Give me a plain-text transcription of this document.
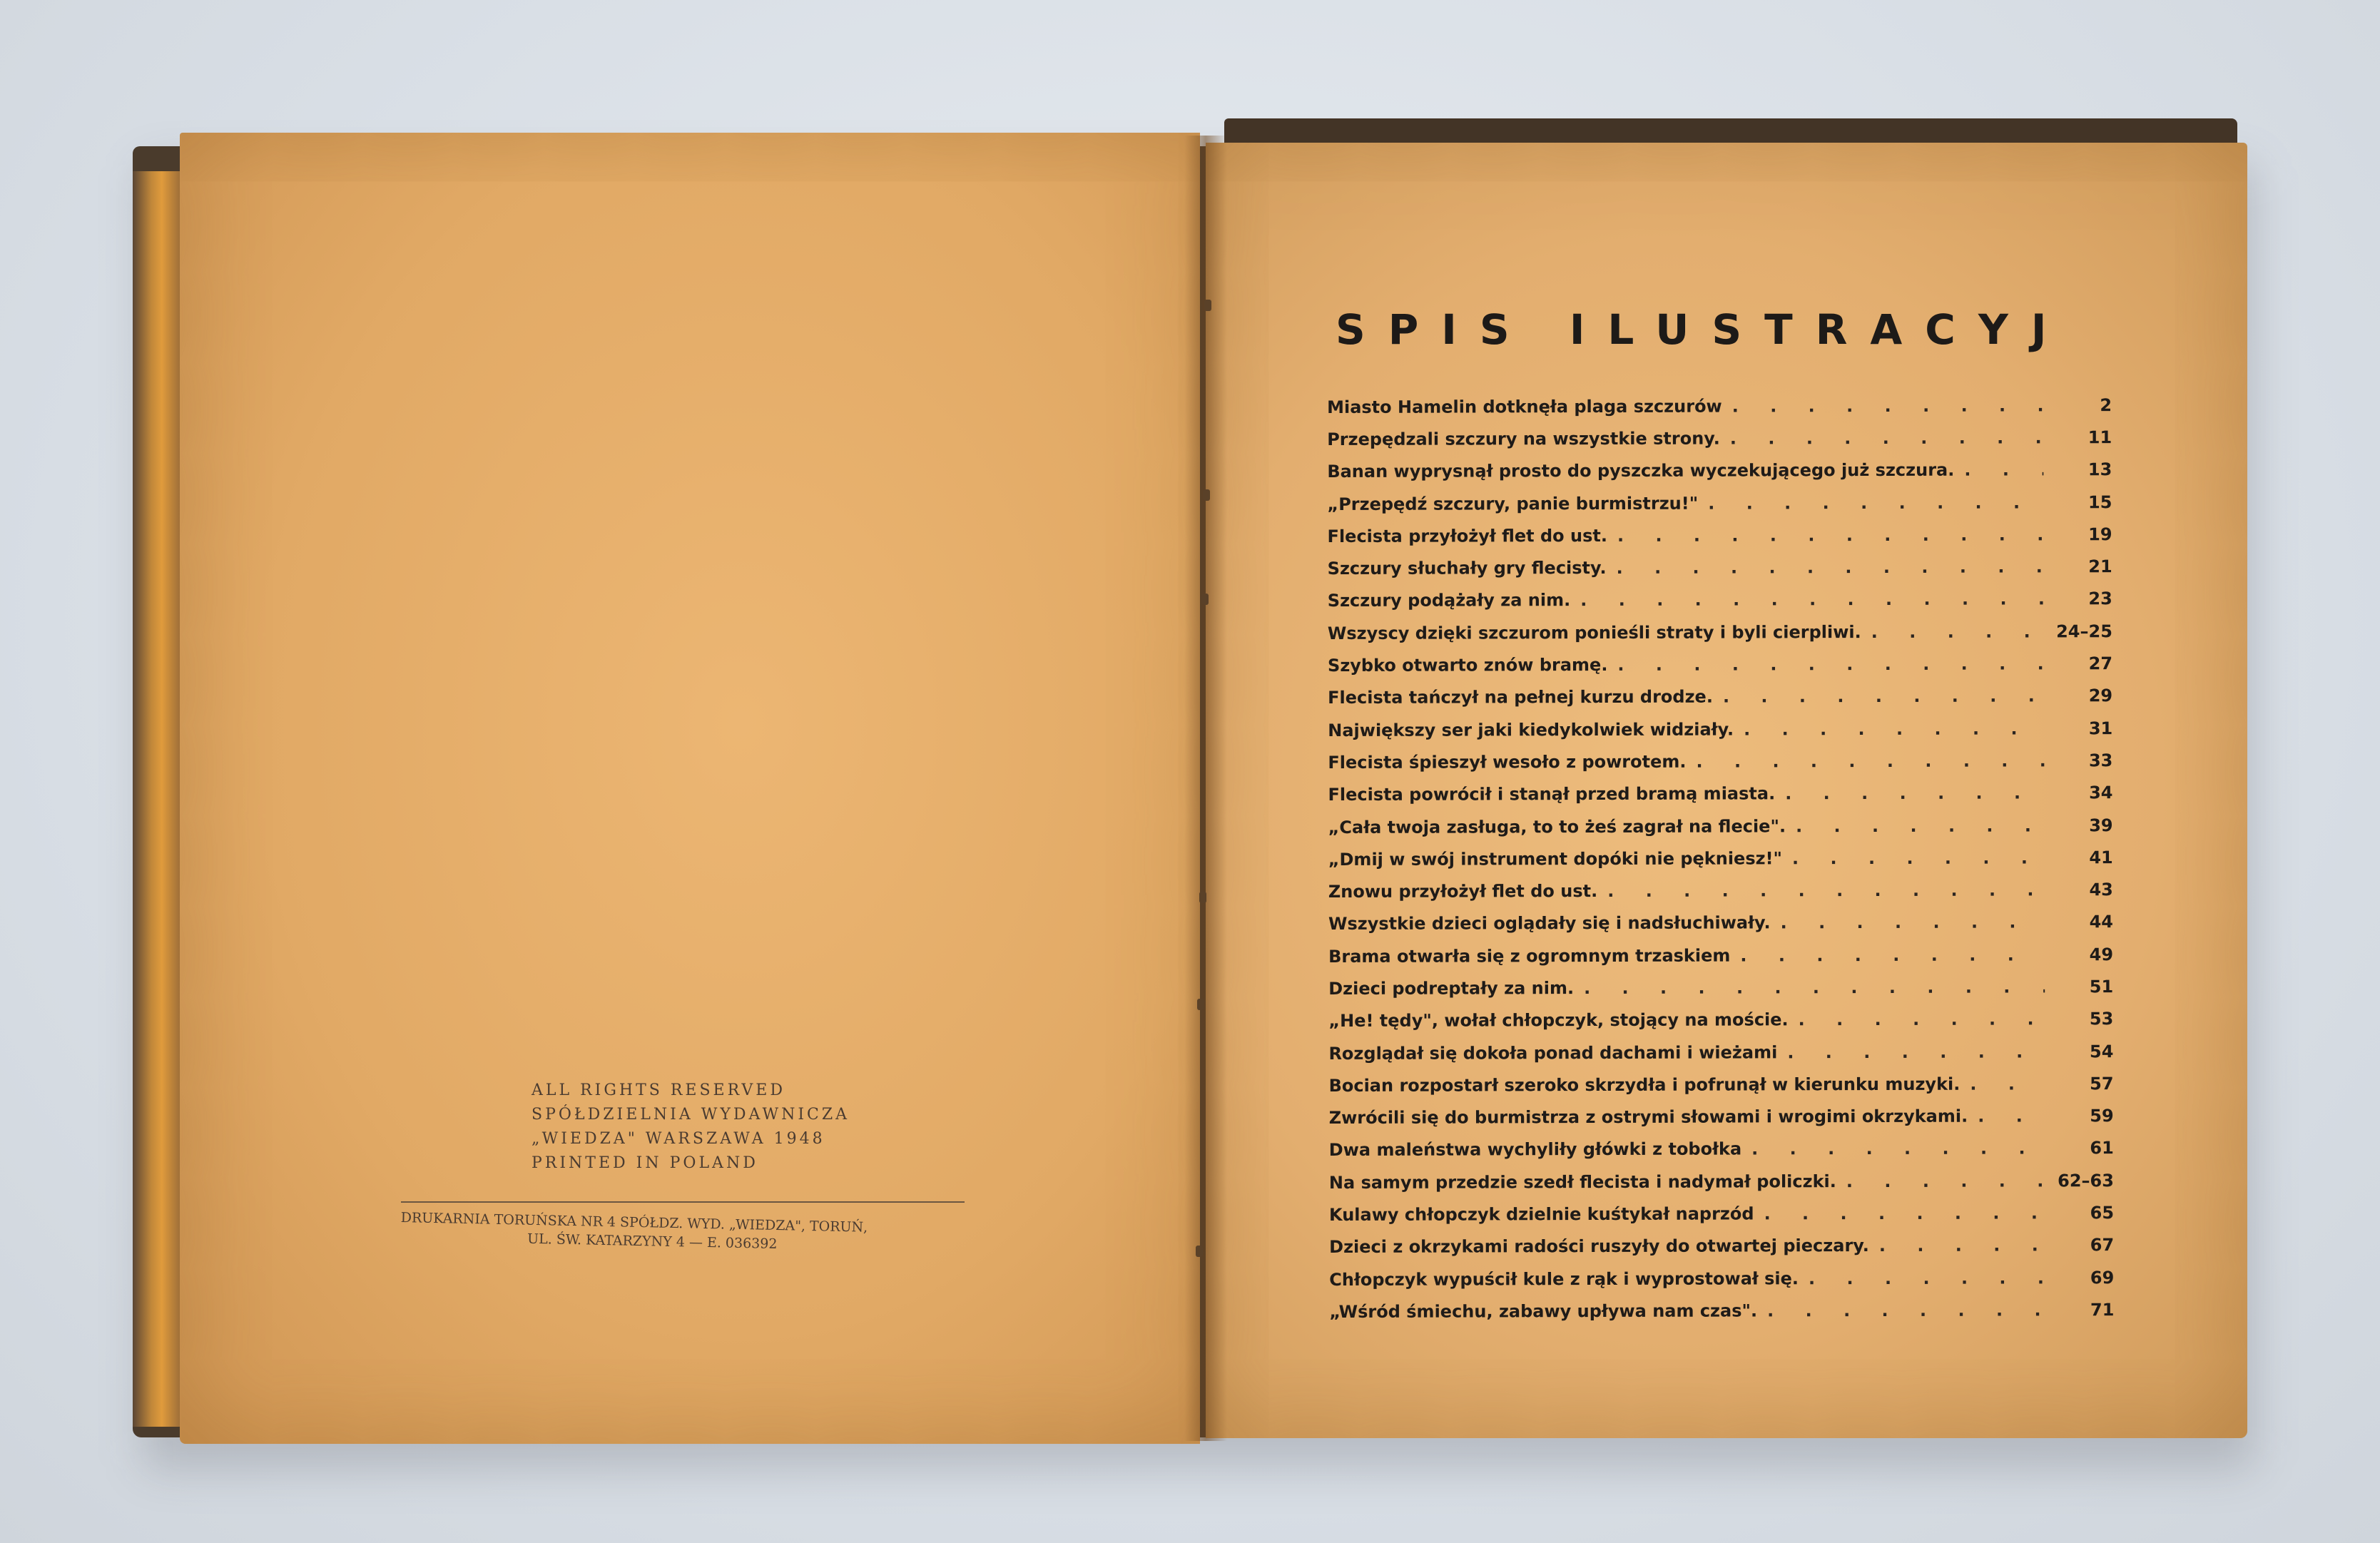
ALL RIGHTS RESERVED
SPÓŁDZIELNIA WYDAWNICZA
„WIEDZA" WARSZAWA 1948
PRINTED IN POLAND
DRUKARNIA TORUŃSKA NR 4 SPÓŁDZ. WYD. „WIEDZA", TORUŃ,
UL. ŚW. KATARZYNY 4 — E. 036392
SPIS ILUSTRACYJ
Miasto Hamelin dotknęła plaga szczurów . . .	2
Przepędzali szczury na wszystkie strony. . . .	11
Banan wyprysnął prosto do pyszczka wyczekującego już szczura. . . .	13
„Przepędź szczury, panie burmistrzu!" . . .	15
Flecista przyłożył flet do ust. . . .	19
Szczury słuchały gry flecisty. . . .	21
Szczury podążały za nim. . . .	23
Wszyscy dzięki szczurom ponieśli straty i byli cierpliwi. . . .	24–25
Szybko otwarto znów bramę. . . .	27
Flecista tańczył na pełnej kurzu drodze. . . .	29
Największy ser jaki kiedykolwiek widziały. . . .	31
Flecista śpieszył wesoło z powrotem. . . .	33
Flecista powrócił i stanął przed bramą miasta. . . .	34
„Cała twoja zasługa, to to żeś zagrał na flecie". . . .	39
„Dmij w swój instrument dopóki nie pękniesz!" . . .	41
Znowu przyłożył flet do ust. . . .	43
Wszystkie dzieci oglądały się i nadsłuchiwały. . . .	44
Brama otwarła się z ogromnym trzaskiem . . .	49
Dzieci podreptały za nim. . . .	51
„He! tędy", wołał chłopczyk, stojący na moście. . . .	53
Rozglądał się dokoła ponad dachami i wieżami . . .	54
Bocian rozpostarł szeroko skrzydła i pofrunął w kierunku muzyki. . . .	57
Zwrócili się do burmistrza z ostrymi słowami i wrogimi okrzykami. . . .	59
Dwa maleństwa wychyliły główki z tobołka . . .	61
Na samym przedzie szedł flecista i nadymał policzki. . . .	62–63
Kulawy chłopczyk dzielnie kuśtykał naprzód . . .	65
Dzieci z okrzykami radości ruszyły do otwartej pieczary. . . .	67
Chłopczyk wypuścił kule z rąk i wyprostował się. . . .	69
„Wśród śmiechu, zabawy upływa nam czas". . . .	71
